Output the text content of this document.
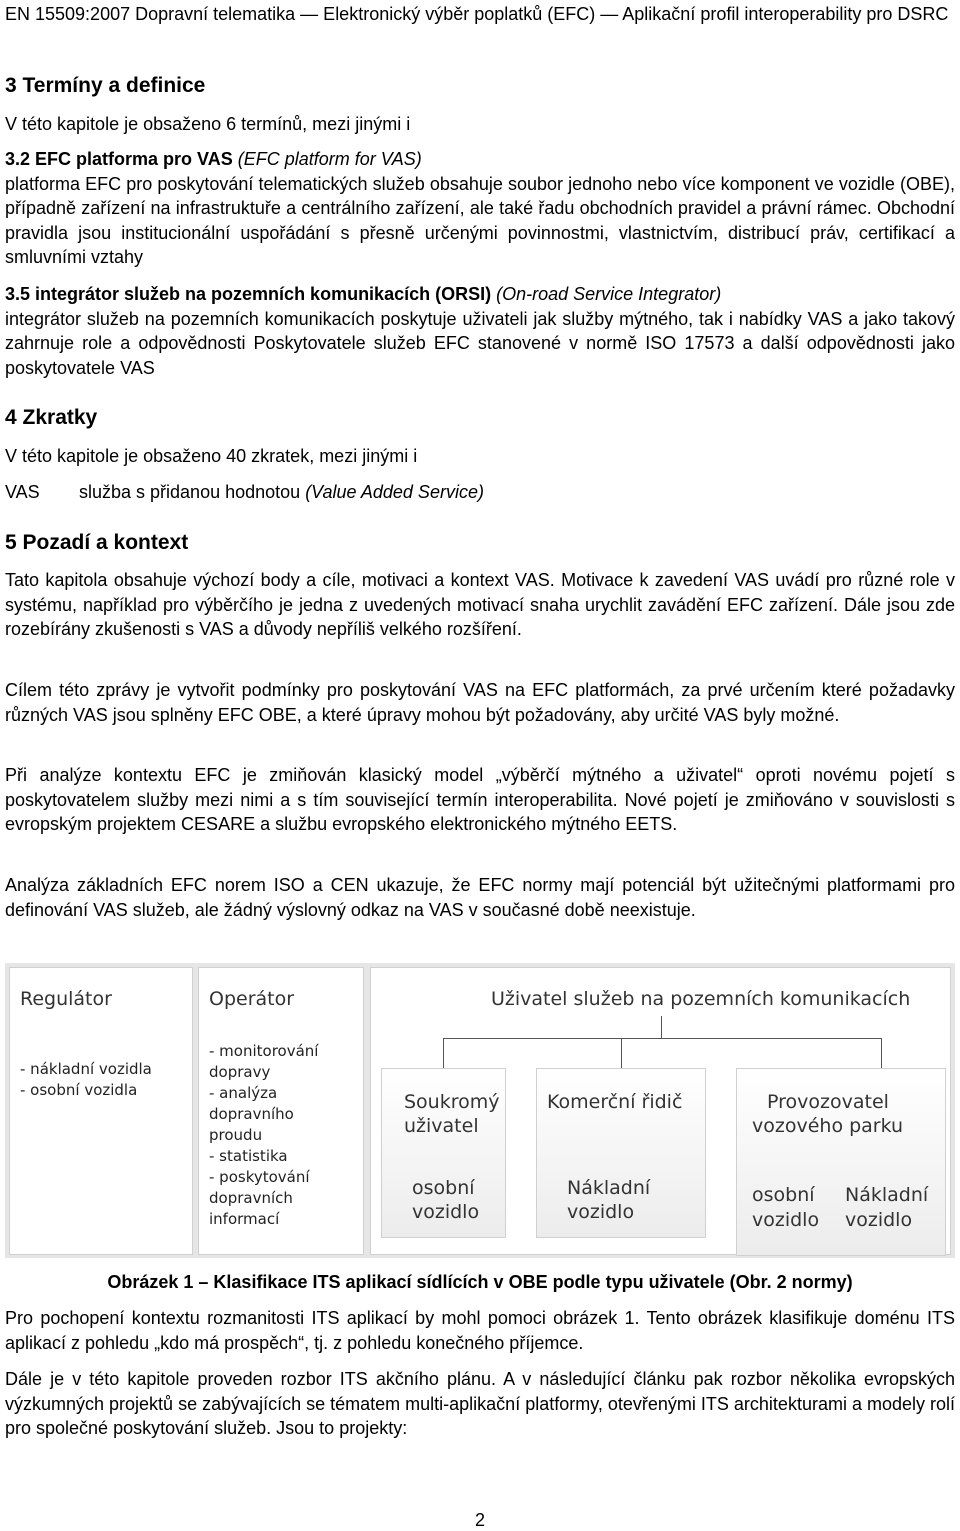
EN 15509:2007 Dopravní telematika — Elektronický výběr poplatků (EFC) — Aplikační profil interoperability pro DSRC

3 Termíny a definice

V této kapitole je obsaženo 6 termínů, mezi jinými i

3.2 EFC platforma pro VAS (EFC platform for VAS)

platforma EFC pro poskytování telematických služeb obsahuje soubor jednoho nebo více komponent ve vozidle (OBE), případně zařízení na infrastruktuře a centrálního zařízení, ale také řadu obchodních pravidel a právní rámec. Obchodní pravidla jsou institucionální uspořádání s přesně určenými povinnostmi, vlastnictvím, distribucí práv, certifikací a smluvními vztahy

3.5 integrátor služeb na pozemních komunikacích (ORSI) (On-road Service Integrator)

integrátor služeb na pozemních komunikacích poskytuje uživateli jak služby mýtného, tak i nabídky VAS a jako takový zahrnuje role a odpovědnosti Poskytovatele služeb EFC stanovené v normě ISO 17573 a další odpovědnosti jako poskytovatele VAS

4 Zkratky

V této kapitole je obsaženo 40 zkratek, mezi jinými i

VAS	služba s přidanou hodnotou (Value Added Service)
5 Pozadí a kontext

Tato kapitola obsahuje výchozí body a cíle, motivaci a kontext VAS. Motivace k zavedení VAS uvádí pro různé role v systému, například pro výběrčího je jedna z uvedených motivací snaha urychlit zavádění EFC zařízení. Dále jsou zde rozebírány zkušenosti s VAS a důvody nepříliš velkého rozšíření.

Cílem této zprávy je vytvořit podmínky pro poskytování VAS na EFC platformách, za prvé určením které požadavky různých VAS jsou splněny EFC OBE, a které úpravy mohou být požadovány, aby určité VAS byly možné.

Při analýze kontextu EFC je zmiňován klasický model „výběrčí mýtného a uživatel“ oproti novému pojetí s poskytovatelem služby mezi nimi a s tím související termín interoperabilita. Nové pojetí je zmiňováno v souvislosti s evropským projektem CESARE a službu evropského elektronického mýtného EETS.

Analýza základních EFC norem ISO a CEN ukazuje, že EFC normy mají potenciál být užitečnými platformami pro definování VAS služeb, ale žádný výslovný odkaz na VAS v současné době neexistuje.

Obrázek 1 – Klasifikace ITS aplikací sídlících v OBE podle typu uživatele (Obr. 2 normy)

Pro pochopení kontextu rozmanitosti ITS aplikací by mohl pomoci obrázek 1. Tento obrázek klasifikuje doménu ITS aplikací z pohledu „kdo má prospěch“, tj. z pohledu konečného příjemce.

Dále je v této kapitole proveden rozbor ITS akčního plánu. A v následující článku pak rozbor několika evropských výzkumných projektů se zabývajících se tématem multi-aplikační platformy, otevřenými ITS architekturami a modely rolí pro společné poskytování služeb. Jsou to projekty:

2
Regulátor
- nákladní vozidla
- osobní vozidla
Operátor
- monitorování
dopravy
- analýza
dopravního
proudu
- statistika
- poskytování
dopravních
informací
Uživatel služeb na pozemních komunikacích
Soukromý
uživatel
osobní
vozidlo
Komerční řidič
Nákladní
vozidlo
Provozovatel
vozového parku
osobní
vozidlo
Nákladní
vozidlo
